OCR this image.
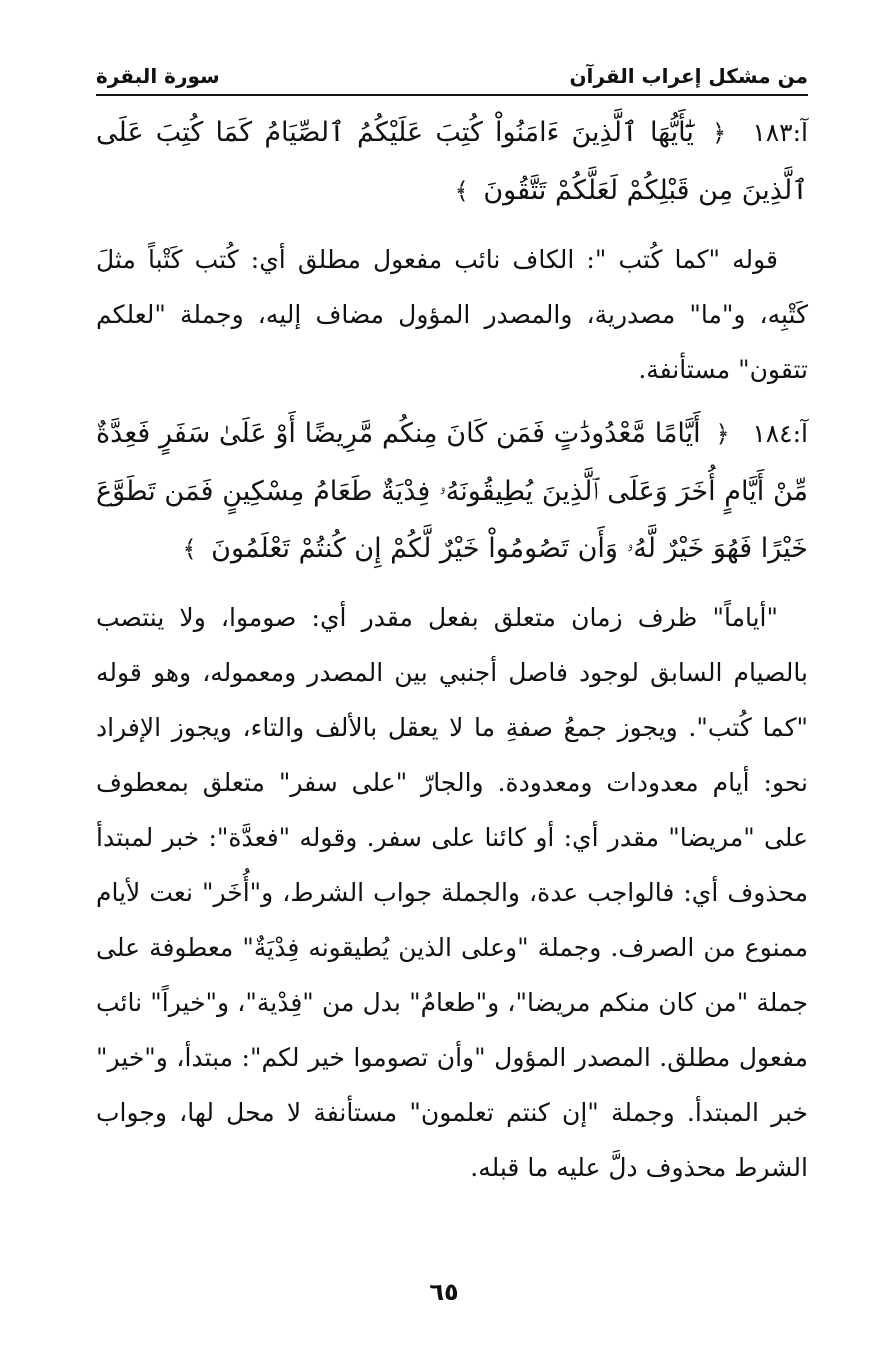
من مشكل إعراب القرآن
سورة البقرة
آ:١٨٣ ﴿ يَٰٓأَيُّهَا ٱلَّذِينَ ءَامَنُواْ كُتِبَ عَلَيْكُمُ ٱلصِّيَامُ كَمَا كُتِبَ عَلَى ٱلَّذِينَ مِن قَبْلِكُمْ لَعَلَّكُمْ تَتَّقُونَ ﴾

قوله "كما كُتب ": الكاف نائب مفعول مطلق أي: كُتب كَتْباً مثلَ كَتْبِه، و"ما" مصدرية، والمصدر المؤول مضاف إليه، وجملة "لعلكم تتقون" مستأنفة.

آ:١٨٤ ﴿ أَيَّامًا مَّعْدُودَٰتٍ فَمَن كَانَ مِنكُم مَّرِيضًا أَوْ عَلَىٰ سَفَرٍ فَعِدَّةٌ مِّنْ أَيَّامٍ أُخَرَ وَعَلَى ٱلَّذِينَ يُطِيقُونَهُۥ فِدْيَةٌ طَعَامُ مِسْكِينٍ فَمَن تَطَوَّعَ خَيْرًا فَهُوَ خَيْرٌ لَّهُۥ وَأَن تَصُومُواْ خَيْرٌ لَّكُمْ إِن كُنتُمْ تَعْلَمُونَ ﴾

"أياماً" ظرف زمان متعلق بفعل مقدر أي: صوموا، ولا ينتصب بالصيام السابق لوجود فاصل أجنبي بين المصدر ومعموله، وهو قوله "كما كُتب". ويجوز جمعُ صفةِ ما لا يعقل بالألف والتاء، ويجوز الإفراد نحو: أيام معدودات ومعدودة. والجارّ "على سفر" متعلق بمعطوف على "مريضا" مقدر أي: أو كائنا على سفر. وقوله "فعدَّة": خبر لمبتدأ محذوف أي: فالواجب عدة، والجملة جواب الشرط، و"أُخَر" نعت لأيام ممنوع من الصرف. وجملة "وعلى الذين يُطيقونه فِدْيَةٌ" معطوفة على جملة "من كان منكم مريضا"، و"طعامُ" بدل من "فِدْية"، و"خيراً" نائب مفعول مطلق. المصدر المؤول "وأن تصوموا خير لكم": مبتدأ، و"خير" خبر المبتدأ. وجملة "إن كنتم تعلمون" مستأنفة لا محل لها، وجواب الشرط محذوف دلَّ عليه ما قبله.

٦٥
